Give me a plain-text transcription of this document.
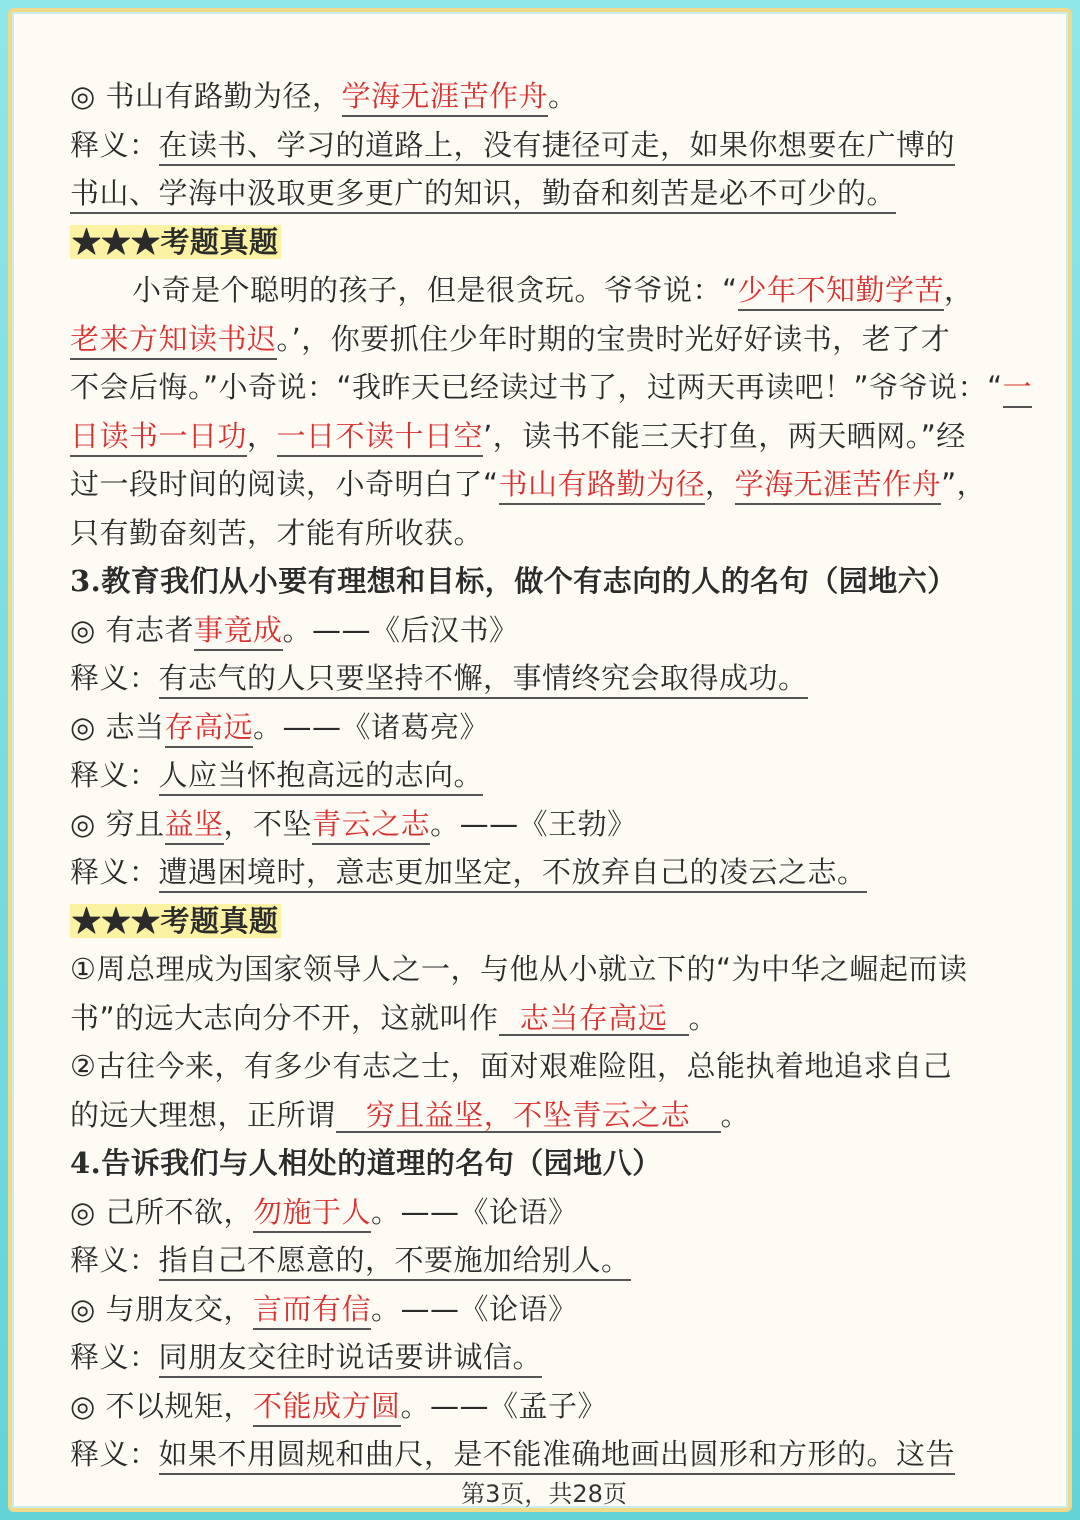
◎ 书山有路勤为径，学海无涯苦作舟。
释义：在读书、学习的道路上，没有捷径可走，如果你想要在广博的
书山、学海中汲取更多更广的知识，勤奋和刻苦是必不可少的。
★★★考题真题
小奇是个聪明的孩子，但是很贪玩。爷爷说：“少年不知勤学苦，
老来方知读书迟。’，你要抓住少年时期的宝贵时光好好读书，老了才
不会后悔。”小奇说：“我昨天已经读过书了，过两天再读吧！”爷爷说：“一
日读书一日功，一日不读十日空’，读书不能三天打鱼，两天晒网。”经
过一段时间的阅读，小奇明白了“书山有路勤为径，学海无涯苦作舟”，
只有勤奋刻苦，才能有所收获。
3.教育我们从小要有理想和目标，做个有志向的人的名句（园地六）
◎ 有志者事竟成。——《后汉书》
释义：有志气的人只要坚持不懈，事情终究会取得成功。
◎ 志当存高远。——《诸葛亮》
释义：人应当怀抱高远的志向。
◎ 穷且益坚，不坠青云之志。——《王勃》
释义：遭遇困境时，意志更加坚定，不放弃自己的凌云之志。
★★★考题真题
①周总理成为国家领导人之一，与他从小就立下的“为中华之崛起而读
书”的远大志向分不开，这就叫作 志当存高远 。
②古往今来，有多少有志之士，面对艰难险阻，总能执着地追求自己
的远大理想，正所谓 穷且益坚，不坠青云之志 。
4.告诉我们与人相处的道理的名句（园地八）
◎ 己所不欲，勿施于人。——《论语》
释义：指自己不愿意的，不要施加给别人。
◎ 与朋友交，言而有信。——《论语》
释义：同朋友交往时说话要讲诚信。
◎ 不以规矩，不能成方圆。——《孟子》
释义：如果不用圆规和曲尺，是不能准确地画出圆形和方形的。这告
第3页，共28页
